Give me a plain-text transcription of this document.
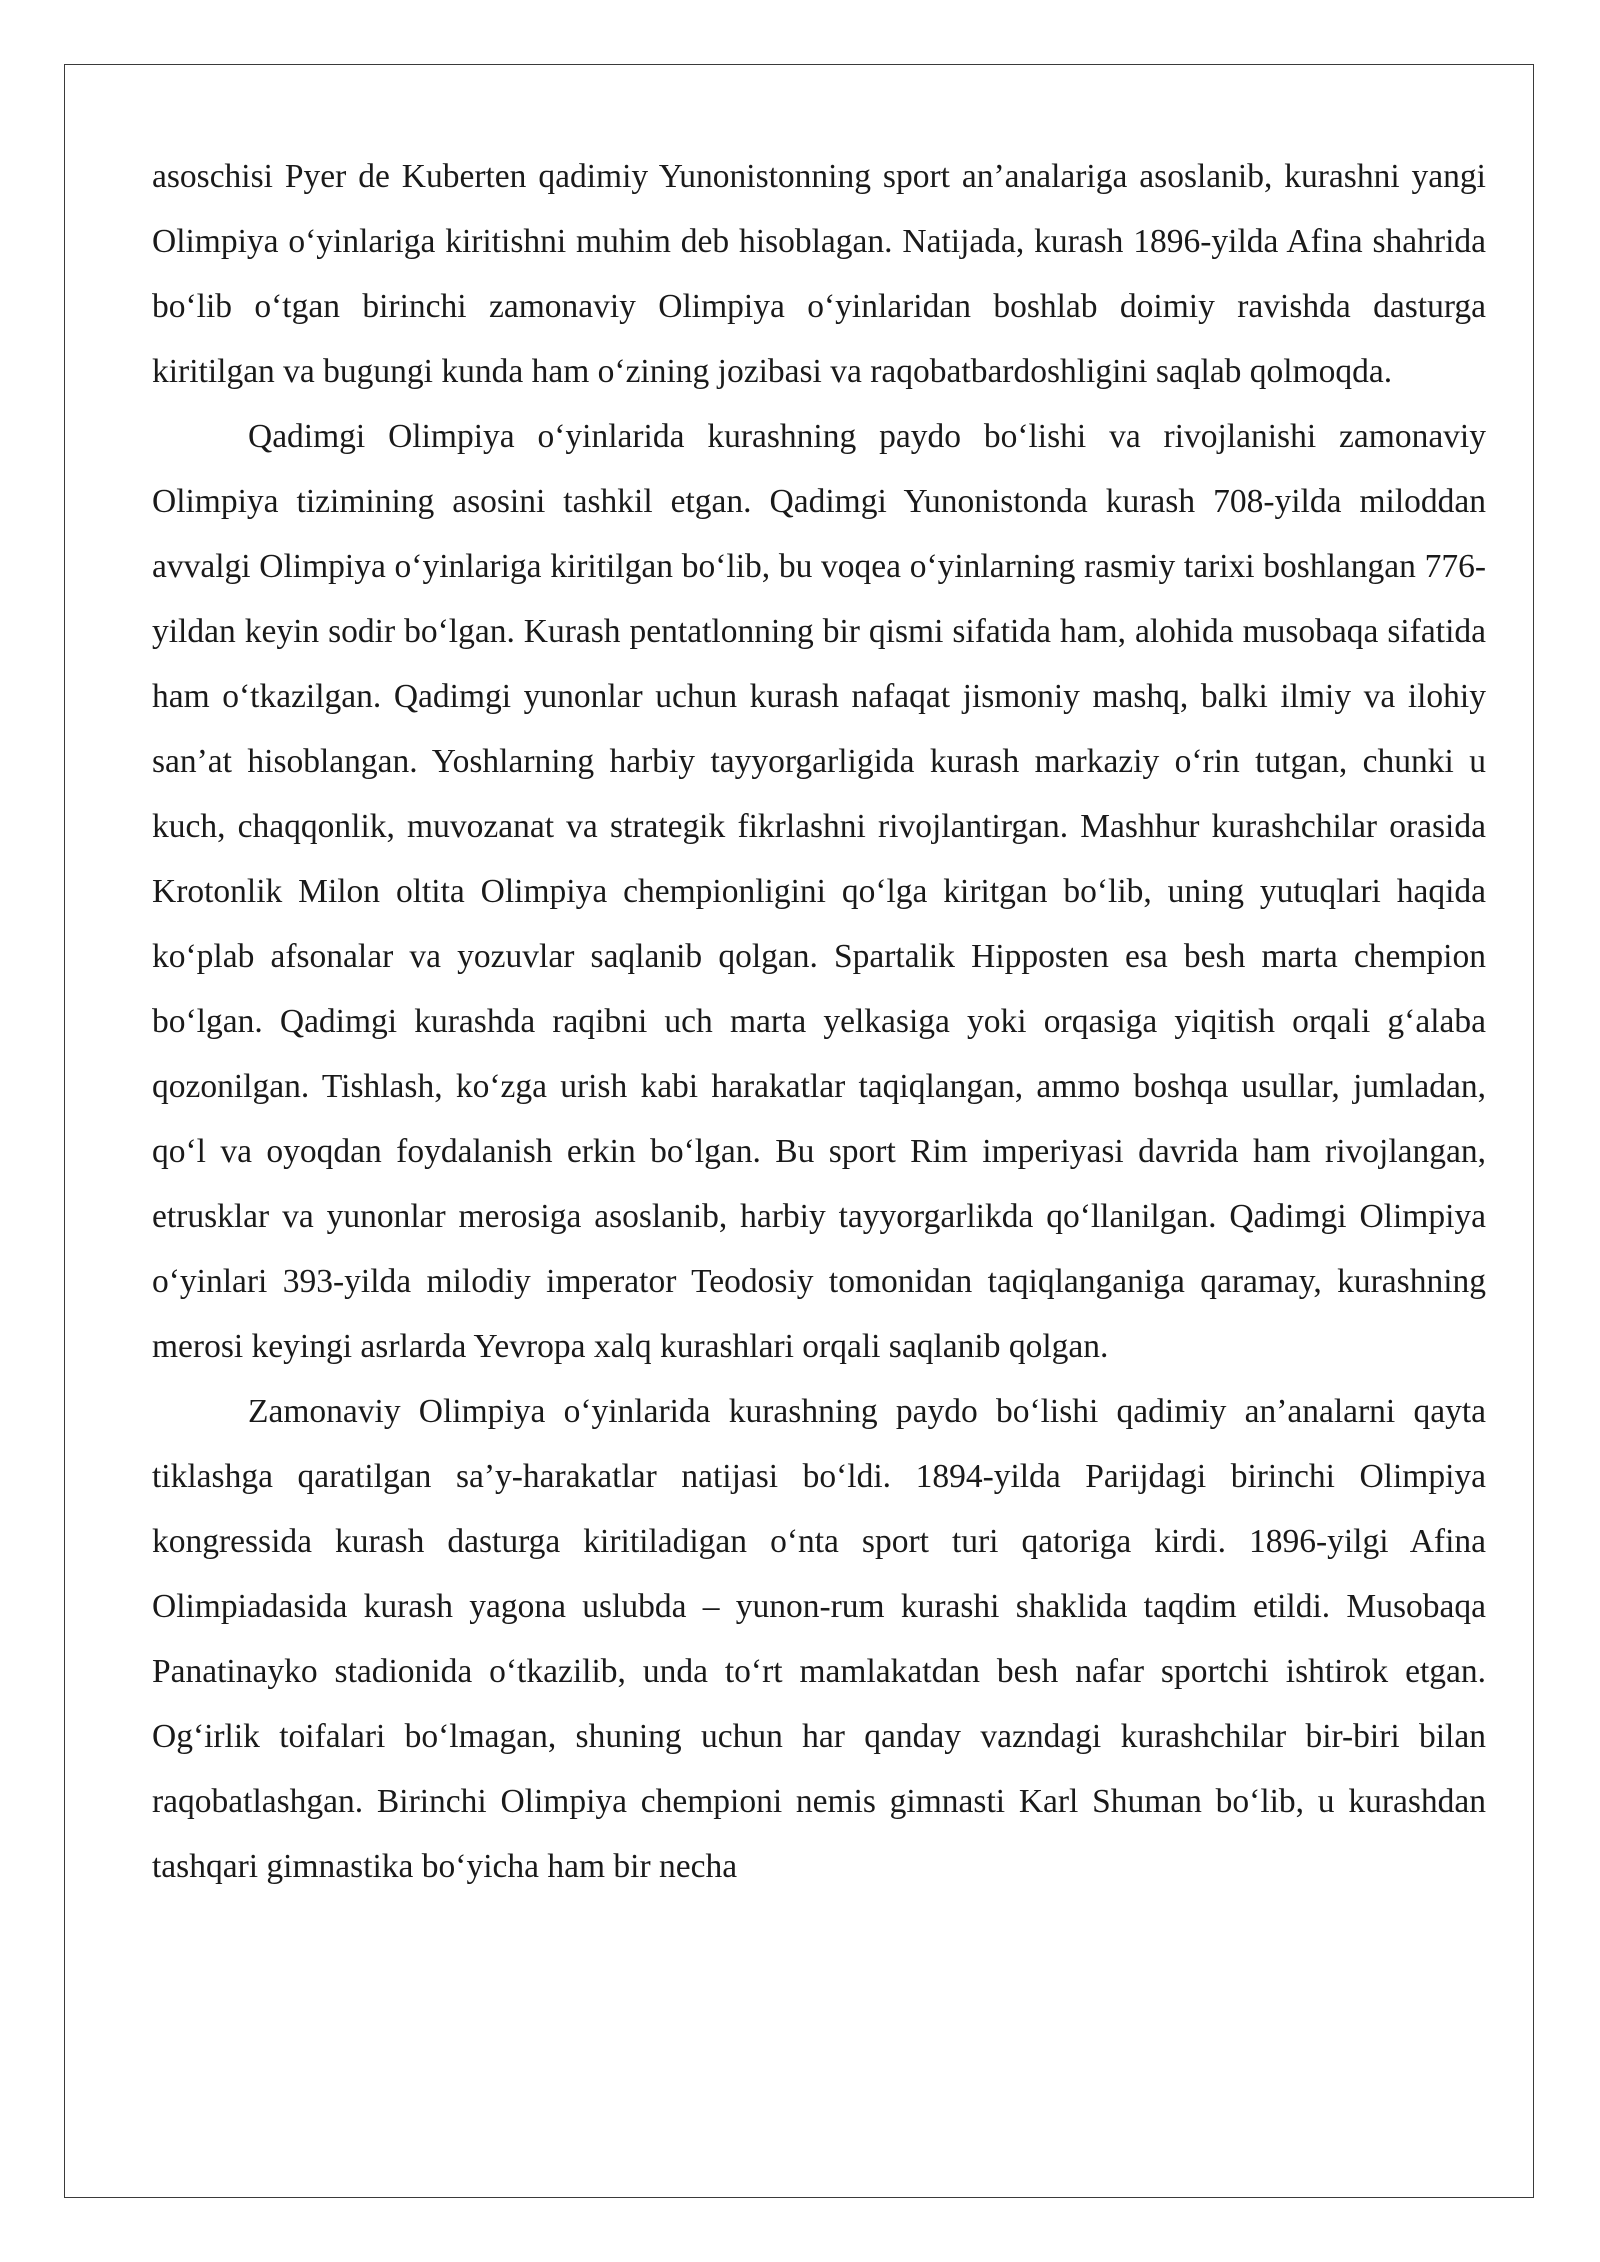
asoschisi Pyer de Kuberten qadimiy Yunonistonning sport an’analariga asoslanib, kurashni yangi Olimpiya o‘yinlariga kiritishni muhim deb hisoblagan. Natijada, kurash 1896-yilda Afina shahrida bo‘lib o‘tgan birinchi zamonaviy Olimpiya o‘yinlaridan boshlab doimiy ravishda dasturga kiritilgan va bugungi kunda ham o‘zining jozibasi va raqobatbardoshligini saqlab qolmoqda.

Qadimgi Olimpiya o‘yinlarida kurashning paydo bo‘lishi va rivojlanishi zamonaviy Olimpiya tizimining asosini tashkil etgan. Qadimgi Yunonistonda kurash 708-yilda miloddan avvalgi Olimpiya o‘yinlariga kiritilgan bo‘lib, bu voqea o‘yinlarning rasmiy tarixi boshlangan 776-yildan keyin sodir bo‘lgan. Kurash pentatlonning bir qismi sifatida ham, alohida musobaqa sifatida ham o‘tkazilgan. Qadimgi yunonlar uchun kurash nafaqat jismoniy mashq, balki ilmiy va ilohiy san’at hisoblangan. Yoshlarning harbiy tayyorgarligida kurash markaziy o‘rin tutgan, chunki u kuch, chaqqonlik, muvozanat va strategik fikrlashni rivojlantirgan. Mashhur kurashchilar orasida Krotonlik Milon oltita Olimpiya chempionligini qo‘lga kiritgan bo‘lib, uning yutuqlari haqida ko‘plab afsonalar va yozuvlar saqlanib qolgan. Spartalik Hipposten esa besh marta chempion bo‘lgan. Qadimgi kurashda raqibni uch marta yelkasiga yoki orqasiga yiqitish orqali g‘alaba qozonilgan. Tishlash, ko‘zga urish kabi harakatlar taqiqlangan, ammo boshqa usullar, jumladan, qo‘l va oyoqdan foydalanish erkin bo‘lgan. Bu sport Rim imperiyasi davrida ham rivojlangan, etrusklar va yunonlar merosiga asoslanib, harbiy tayyorgarlikda qo‘llanilgan. Qadimgi Olimpiya o‘yinlari 393-yilda milodiy imperator Teodosiy tomonidan taqiqlanganiga qaramay, kurashning merosi keyingi asrlarda Yevropa xalq kurashlari orqali saqlanib qolgan.

Zamonaviy Olimpiya o‘yinlarida kurashning paydo bo‘lishi qadimiy an’analarni qayta tiklashga qaratilgan sa’y-harakatlar natijasi bo‘ldi. 1894-yilda Parijdagi birinchi Olimpiya kongressida kurash dasturga kiritiladigan o‘nta sport turi qatoriga kirdi. 1896-yilgi Afina Olimpiadasida kurash yagona uslubda – yunon-rum kurashi shaklida taqdim etildi. Musobaqa Panatinayko stadionida o‘tkazilib, unda to‘rt mamlakatdan besh nafar sportchi ishtirok etgan. Og‘irlik toifalari bo‘lmagan, shuning uchun har qanday vazndagi kurashchilar bir-biri bilan raqobatlashgan. Birinchi Olimpiya chempioni nemis gimnasti Karl Shuman bo‘lib, u kurashdan tashqari gimnastika bo‘yicha ham bir necha
